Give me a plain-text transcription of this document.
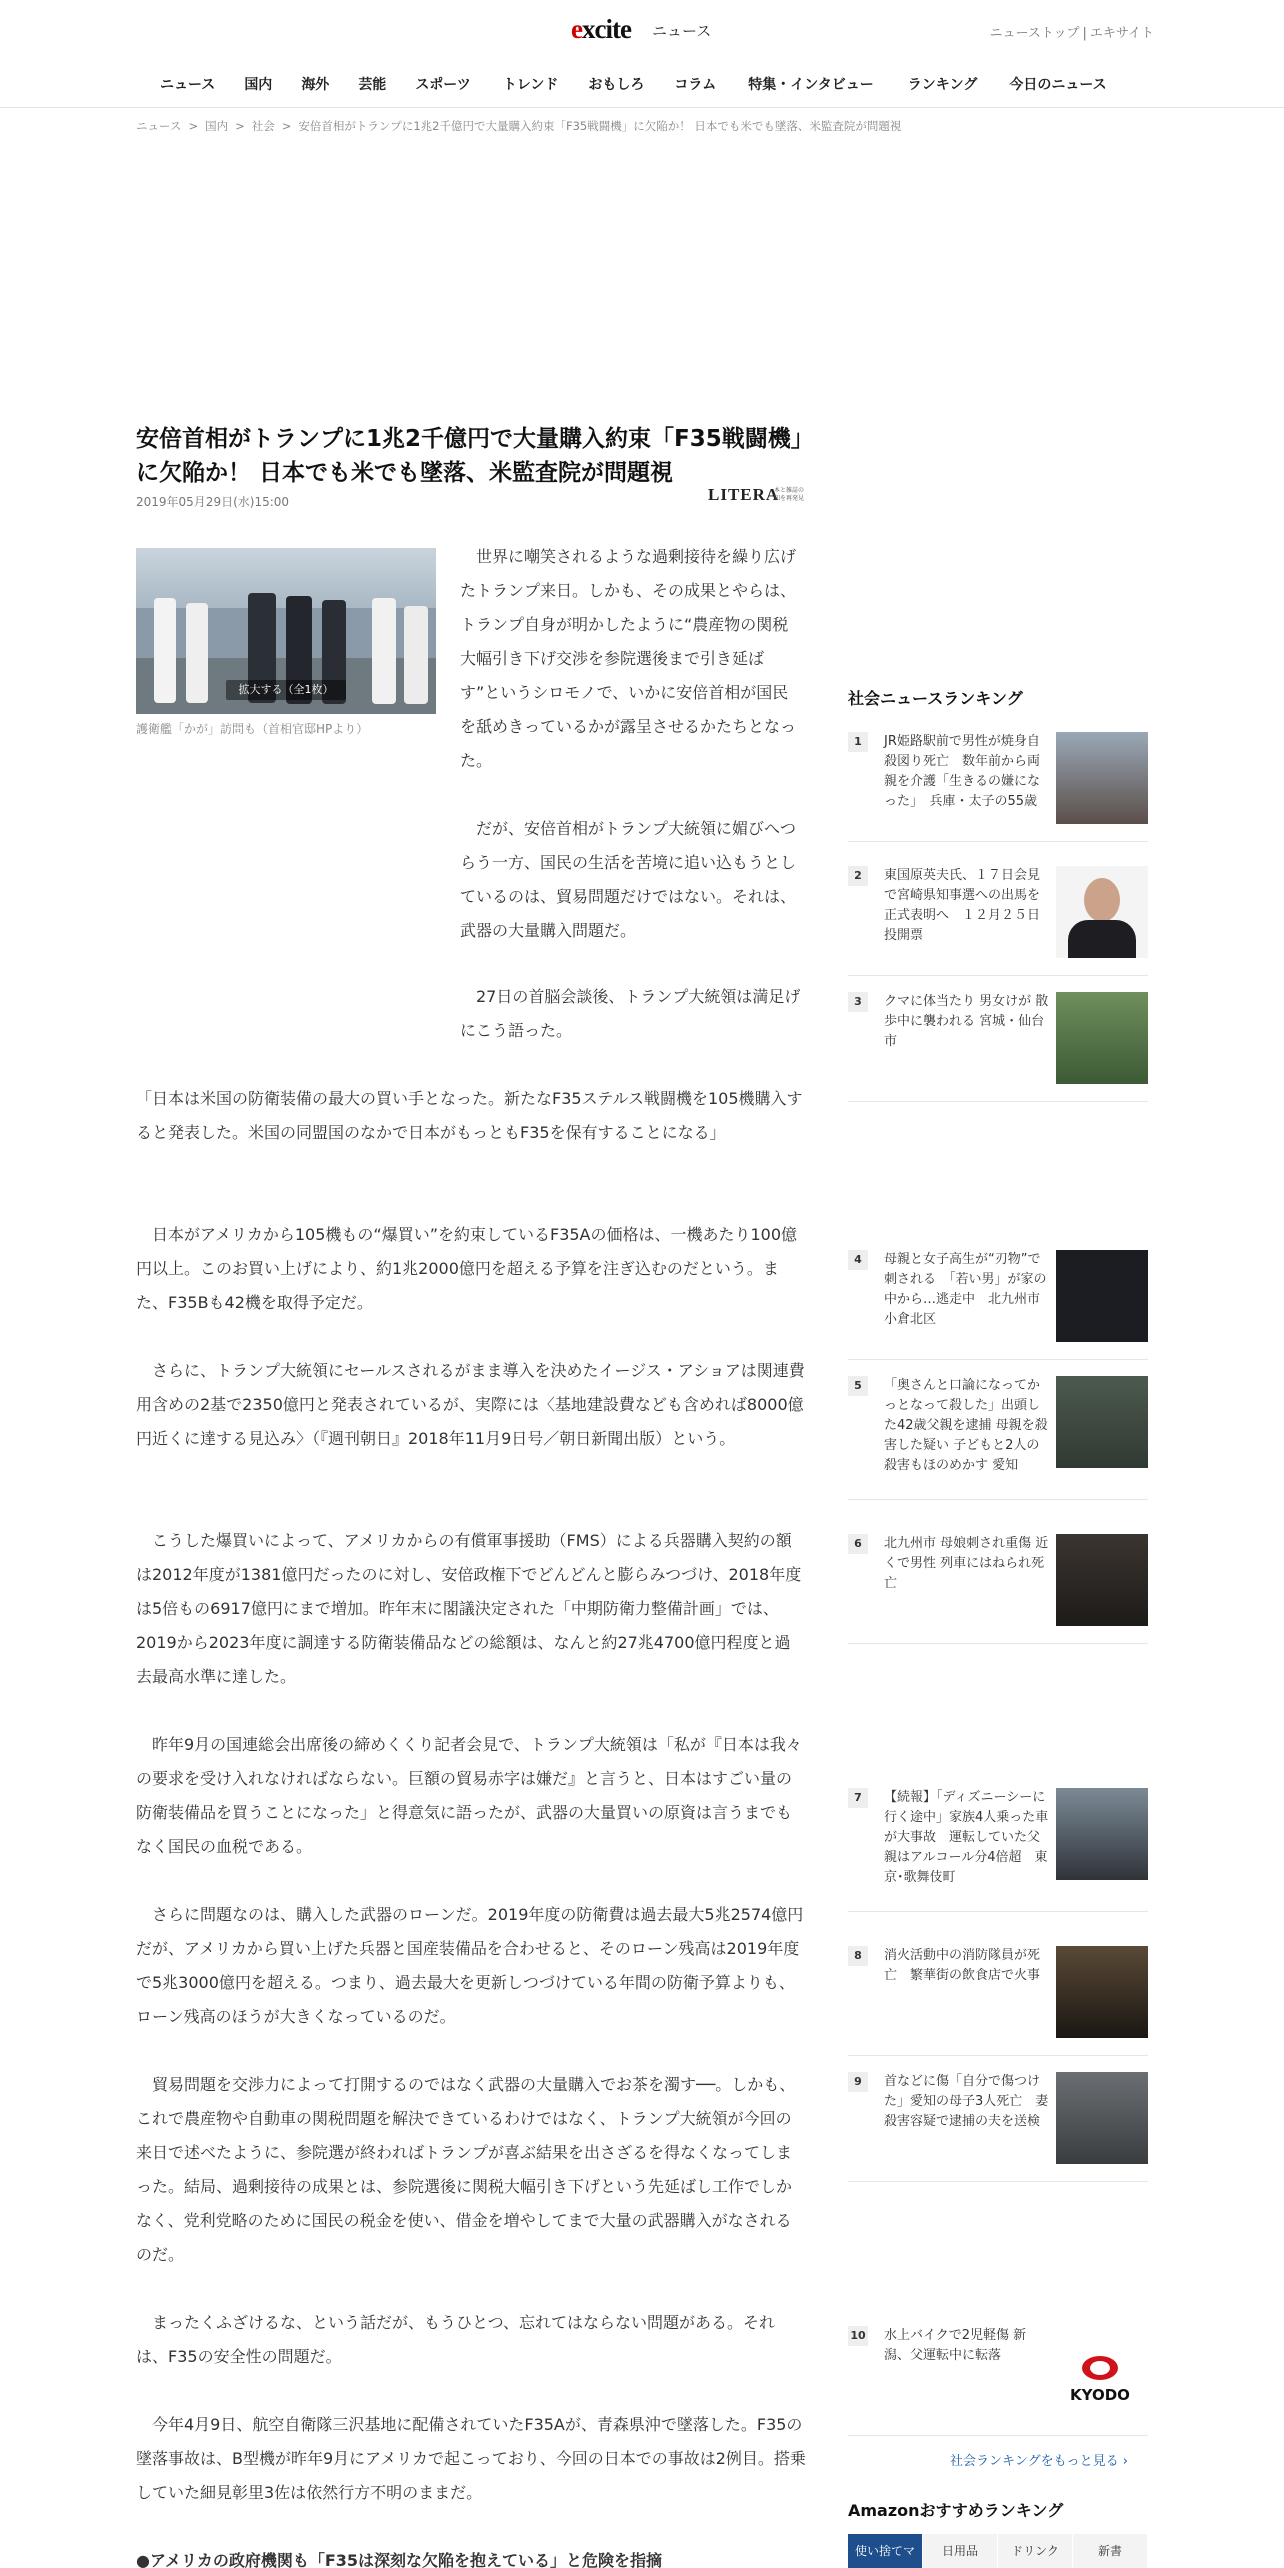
excite ニュース	ニューストップ | エキサイト
ニュース 国内 海外 芸能 スポーツ トレンド おもしろ コラム 特集・インタビュー ランキング 今日のニュース
ニュース > 国内 > 社会 > 安倍首相がトランプに1兆2千億円で大量購入約束「F35戦闘機」に欠陥か！ 日本でも米でも墜落、米監査院が問題視
安倍首相がトランプに1兆2千億円で大量購入約束「F35戦闘機」に欠陥か！ 日本でも米でも墜落、米監査院が問題視
2019年05月29日(水)15:00	LITERA
本と雑誌の知を再発見
拡大する（全1枚）
護衛艦「かが」訪問も（首相官邸HPより）
　世界に嘲笑されるような過剰接待を繰り広げたトランプ来日。しかも、その成果とやらは、トランプ自身が明かしたように“農産物の関税大幅引き下げ交渉を参院選後まで引き延ばす”というシロモノで、いかに安倍首相が国民を舐めきっているかが露呈させるかたちとなった。
　だが、安倍首相がトランプ大統領に媚びへつらう一方、国民の生活を苦境に追い込もうとしているのは、貿易問題だけではない。それは、武器の大量購入問題だ。
　27日の首脳会談後、トランプ大統領は満足げにこう語った。
「日本は米国の防衛装備の最大の買い手となった。新たなF35ステルス戦闘機を105機購入すると発表した。米国の同盟国のなかで日本がもっともF35を保有することになる」
　日本がアメリカから105機もの“爆買い”を約束しているF35Aの価格は、一機あたり100億円以上。このお買い上げにより、約1兆2000億円を超える予算を注ぎ込むのだという。また、F35Bも42機を取得予定だ。
　さらに、トランプ大統領にセールスされるがまま導入を決めたイージス・アショアは関連費用含めの2基で2350億円と発表されているが、実際には〈基地建設費なども含めれば8000億円近くに達する見込み〉（『週刊朝日』2018年11月9日号／朝日新聞出版）という。
　こうした爆買いによって、アメリカからの有償軍事援助（FMS）による兵器購入契約の額は2012年度が1381億円だったのに対し、安倍政権下でどんどんと膨らみつづけ、2018年度は5倍もの6917億円にまで増加。昨年末に閣議決定された「中期防衛力整備計画」では、2019から2023年度に調達する防衛装備品などの総額は、なんと約27兆4700億円程度と過去最高水準に達した。
　昨年9月の国連総会出席後の締めくくり記者会見で、トランプ大統領は「私が『日本は我々の要求を受け入れなければならない。巨額の貿易赤字は嫌だ』と言うと、日本はすごい量の防衛装備品を買うことになった」と得意気に語ったが、武器の大量買いの原資は言うまでもなく国民の血税である。
　さらに問題なのは、購入した武器のローンだ。2019年度の防衛費は過去最大5兆2574億円だが、アメリカから買い上げた兵器と国産装備品を合わせると、そのローン残高は2019年度で5兆3000億円を超える。つまり、過去最大を更新しつづけている年間の防衛予算よりも、ローン残高のほうが大きくなっているのだ。
　貿易問題を交渉力によって打開するのではなく武器の大量購入でお茶を濁す──。しかも、これで農産物や自動車の関税問題を解決できているわけではなく、トランプ大統領が今回の来日で述べたように、参院選が終わればトランプが喜ぶ結果を出さざるを得なくなってしまった。結局、過剰接待の成果とは、参院選後に関税大幅引き下げという先延ばし工作でしかなく、党利党略のために国民の税金を使い、借金を増やしてまで大量の武器購入がなされるのだ。
　まったくふざけるな、という話だが、もうひとつ、忘れてはならない問題がある。それは、F35の安全性の問題だ。
　今年4月9日、航空自衛隊三沢基地に配備されていたF35Aが、青森県沖で墜落した。F35の墜落事故は、B型機が昨年9月にアメリカで起こっており、今回の日本での事故は2例目。搭乗していた細見彰里3佐は依然行方不明のままだ。
●アメリカの政府機関も「F35は深刻な欠陥を抱えている」と危険を指摘
社会ニュースランキング
1	JR姫路駅前で男性が焼身自殺図り死亡　数年前から両親を介護「生きるの嫌になった」　兵庫・太子の55歳
2	東国原英夫氏、１７日会見で宮崎県知事選への出馬を正式表明へ　１２月２５日投開票
3	クマに体当たり 男女けが 散歩中に襲われる 宮城・仙台市
4	母親と女子高生が“刃物”で刺される　「若い男」が家の中から…逃走中　北九州市小倉北区
5	「奥さんと口論になってかっとなって殺した」出頭した42歳父親を逮捕 母親を殺害した疑い 子どもと2人の殺害もほのめかす 愛知
6	北九州市 母娘刺され重傷 近くで男性 列車にはねられ死亡
7	【続報】「ディズニーシーに行く途中」家族4人乗った車が大事故　運転していた父親はアルコール分4倍超　東京･歌舞伎町
8	消火活動中の消防隊員が死亡　繁華街の飲食店で火事
9	首などに傷「自分で傷つけた」愛知の母子3人死亡　妻殺害容疑で逮捕の夫を送検
10 水上バイクで2児軽傷 新潟、父運転中に転落
KYODO
社会ランキングをもっと見る ›
Amazonおすすめランキング
使い捨てマ	日用品	ドリンク	新書
